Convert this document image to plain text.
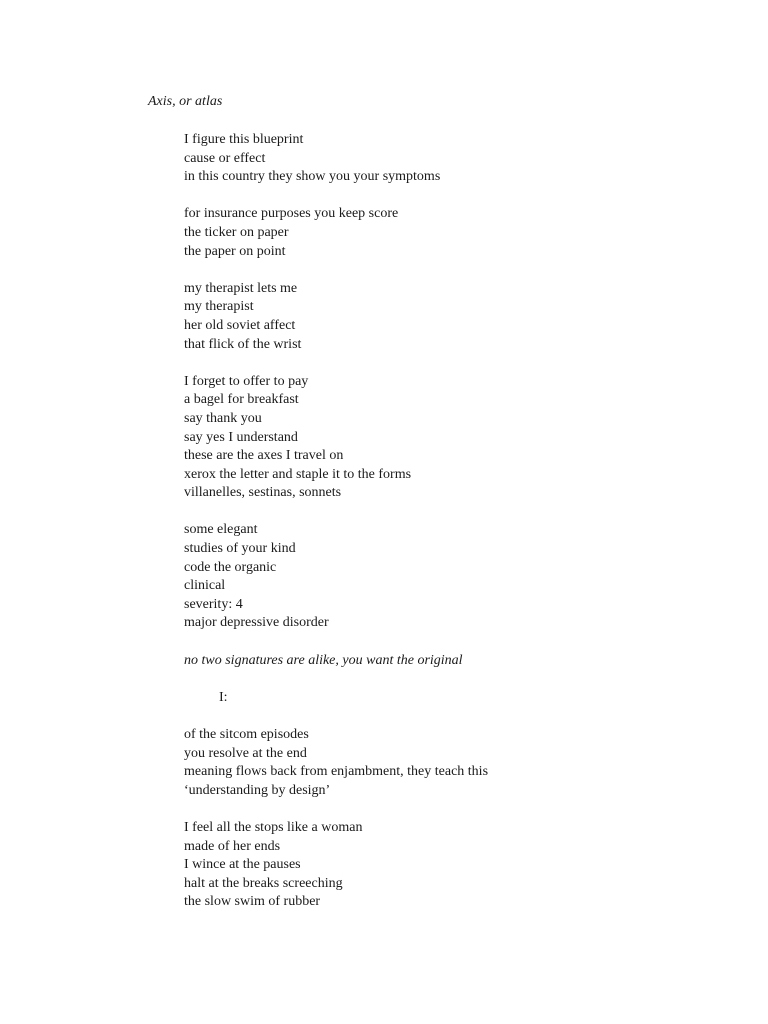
Axis, or atlas
I figure this blueprint
cause or effect
in this country they show you your symptoms
for insurance purposes you keep score
the ticker on paper
the paper on point
my therapist lets me
my therapist
her old soviet affect
that flick of the wrist
I forget to offer to pay
a bagel for breakfast
say thank you
say yes I understand
these are the axes I travel on
xerox the letter and staple it to the forms
villanelles, sestinas, sonnets
some elegant
studies of your kind
code the organic
clinical
severity: 4
major depressive disorder
no two signatures are alike, you want the original
I:
of the sitcom episodes
you resolve at the end
meaning flows back from enjambment, they teach this
‘understanding by design’
I feel all the stops like a woman
made of her ends
I wince at the pauses
halt at the breaks screeching
the slow swim of rubber
